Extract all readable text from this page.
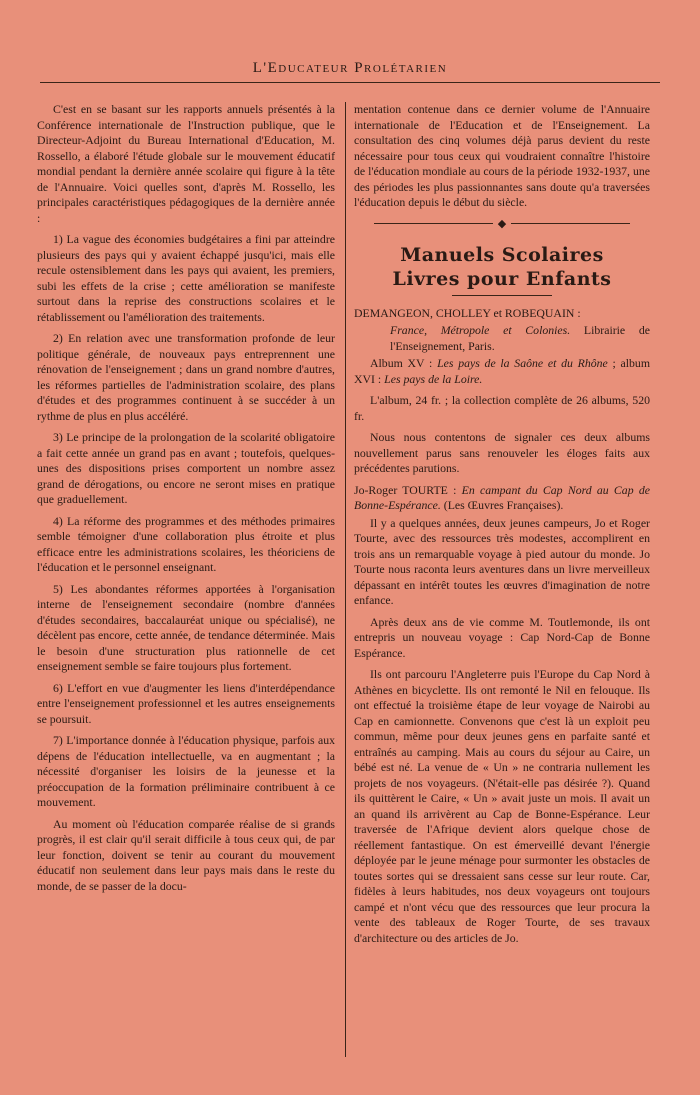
L'Educateur Prolétarien

C'est en se basant sur les rapports annuels présentés à la Conférence internationale de l'Instruction publique, que le Directeur-Adjoint du Bureau International d'Education, M. Rossello, a élaboré l'étude globale sur le mouvement éducatif mondial pendant la dernière année scolaire qui figure à la tête de l'Annuaire. Voici quelles sont, d'après M. Rossello, les principales caractéristiques pédagogiques de la dernière année :

1) La vague des économies budgétaires a fini par atteindre plusieurs des pays qui y avaient échappé jusqu'ici, mais elle recule ostensiblement dans les pays qui avaient, les premiers, subi les effets de la crise ; cette amélioration se manifeste surtout dans la reprise des constructions scolaires et le rétablissement ou l'amélioration des traitements.

2) En relation avec une transformation profonde de leur politique générale, de nouveaux pays entreprennent une rénovation de l'enseignement ; dans un grand nombre d'autres, les réformes partielles de l'administration scolaire, des plans d'études et des programmes continuent à se succéder à un rythme de plus en plus accéléré.

3) Le principe de la prolongation de la scolarité obligatoire a fait cette année un grand pas en avant ; toutefois, quelques-unes des dispositions prises comportent un nombre assez grand de dérogations, ou encore ne seront mises en pratique que graduellement.

4) La réforme des programmes et des méthodes primaires semble témoigner d'une collaboration plus étroite et plus efficace entre les administrations scolaires, les théoriciens de l'éducation et le personnel enseignant.

5) Les abondantes réformes apportées à l'organisation interne de l'enseignement secondaire (nombre d'années d'études secondaires, baccalauréat unique ou spécialisé), ne décèlent pas encore, cette année, de tendance déterminée. Mais le besoin d'une structuration plus rationnelle de cet enseignement semble se faire toujours plus fortement.

6) L'effort en vue d'augmenter les liens d'interdépendance entre l'enseignement professionnel et les autres enseignements se poursuit.

7) L'importance donnée à l'éducation physique, parfois aux dépens de l'éducation intellectuelle, va en augmentant ; la nécessité d'organiser les loisirs de la jeunesse et la préoccupation de la formation préliminaire contribuent à ce mouvement.

Au moment où l'éducation comparée réalise de si grands progrès, il est clair qu'il serait difficile à tous ceux qui, de par leur fonction, doivent se tenir au courant du mouvement éducatif non seulement dans leur pays mais dans le reste du monde, de se passer de la docu-

mentation contenue dans ce dernier volume de l'Annuaire internationale de l'Education et de l'Enseignement. La consultation des cinq volumes déjà parus devient du reste nécessaire pour tous ceux qui voudraient connaître l'histoire de l'éducation mondiale au cours de la période 1932-1937, une des périodes les plus passionnantes sans doute qu'a traversées l'éducation depuis le début du siècle.

◆
Manuels Scolaires
Livres pour Enfants

DEMANGEON, CHOLLEY et ROBEQUAIN :

France, Métropole et Colonies. Librairie de l'Enseignement, Paris.

Album XV : Les pays de la Saône et du Rhône ; album XVI : Les pays de la Loire.

L'album, 24 fr. ; la collection complète de 26 albums, 520 fr.

Nous nous contentons de signaler ces deux albums nouvellement parus sans renouveler les éloges faits aux précédentes parutions.

Jo-Roger TOURTE : En campant du Cap Nord au Cap de Bonne-Espérance. (Les Œuvres Françaises).

Il y a quelques années, deux jeunes campeurs, Jo et Roger Tourte, avec des ressources très modestes, accomplirent en trois ans un remarquable voyage à pied autour du monde. Jo Tourte nous raconta leurs aventures dans un livre merveilleux dépassant en intérêt toutes les œuvres d'imagination de notre enfance.

Après deux ans de vie comme M. Toutlemonde, ils ont entrepris un nouveau voyage : Cap Nord-Cap de Bonne Espérance.

Ils ont parcouru l'Angleterre puis l'Europe du Cap Nord à Athènes en bicyclette. Ils ont remonté le Nil en felouque. Ils ont effectué la troisième étape de leur voyage de Nairobi au Cap en camionnette. Convenons que c'est là un exploit peu commun, même pour deux jeunes gens en parfaite santé et entraînés au camping. Mais au cours du séjour au Caire, un bébé est né. La venue de « Un » ne contraria nullement les projets de nos voyageurs. (N'était-elle pas désirée ?). Quand ils quittèrent le Caire, « Un » avait juste un mois. Il avait un an quand ils arrivèrent au Cap de Bonne-Espérance. Leur traversée de l'Afrique devient alors quelque chose de réellement fantastique. On est émerveillé devant l'énergie déployée par le jeune ménage pour surmonter les obstacles de toutes sortes qui se dressaient sans cesse sur leur route. Car, fidèles à leurs habitudes, nos deux voyageurs ont toujours campé et n'ont vécu que des ressources que leur procura la vente des tableaux de Roger Tourte, de ses travaux d'architecture ou des articles de Jo.
